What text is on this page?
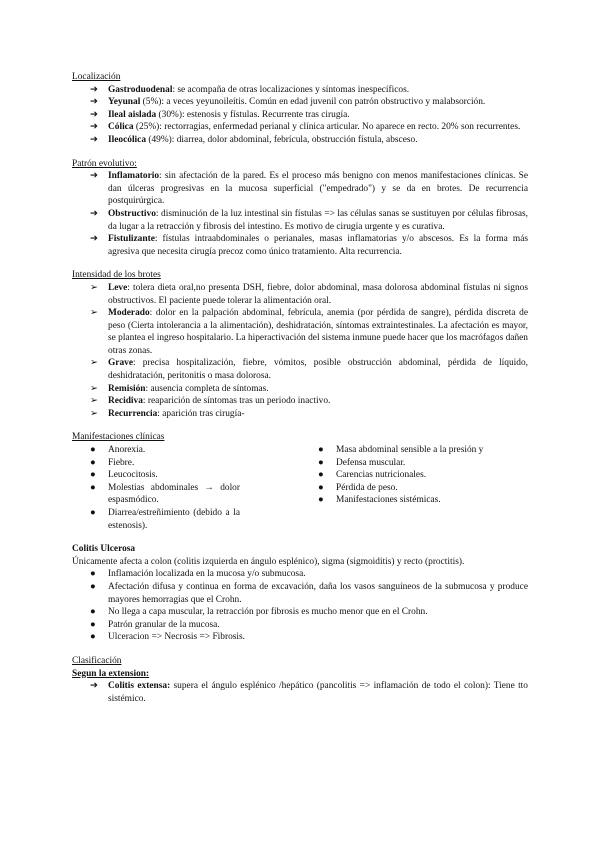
Localización
➔	Gastroduodenal: se acompaña de otras localizaciones y síntomas inespecíficos.
➔	Yeyunal (5%): a veces yeyunoileítis. Común en edad juvenil con patrón obstructivo y malabsorción.
➔	Ileal aislada (30%): estenosis y fístulas. Recurrente tras cirugía.
➔	Cólica (25%): rectorragias, enfermedad perianal y clínica articular. No aparece en recto. 20% son recurrentes.
➔	Ileocólica (49%): diarrea, dolor abdominal, febrícula, obstrucción fístula, absceso.
Patrón evolutivo:
➔	Inflamatorio: sin afectación de la pared. Es el proceso más benigno con menos manifestaciones clínicas. Se dan úlceras progresivas en la mucosa superficial ("empedrado") y se da en brotes. De recurrencia postquirúrgica.
➔	Obstructivo: disminución de la luz intestinal sin fístulas => las células sanas se sustituyen por células fibrosas, da lugar a la retracción y fibrosis del intestino. Es motivo de cirugía urgente y es curativa.
➔	Fistulizante: fístulas intraabdominales o perianales, masas inflamatorias y/o abscesos. Es la forma más agresiva que necesita cirugía precoz como único tratamiento. Alta recurrencia.
Intensidad de los brotes
➢	Leve: tolera dieta oral,no presenta DSH, fiebre, dolor abdominal, masa dolorosa abdominal fístulas ni signos obstructivos. El paciente puede tolerar la alimentación oral.
➢	Moderado: dolor en la palpación abdominal, febrícula, anemia (por pérdida de sangre), pérdida discreta de peso (Cierta intolerancia a la alimentación), deshidratación, síntomas extraintestinales. La afectación es mayor, se plantea el ingreso hospitalario. La hiperactivación del sistema inmune puede hacer que los macrófagos dañen otras zonas.
➢	Grave: precisa hospitalización, fiebre, vómitos, posible obstrucción abdominal, pérdida de líquido, deshidratación, peritonitis o masa dolorosa.
➢	Remisión: ausencia completa de síntomas.
➢	Recidiva: reaparición de síntomas tras un periodo inactivo.
➢	Recurrencia: aparición tras cirugía-
Manifestaciones clínicas
●	Anorexia.
●	Fiebre.
●	Leucocitosis.
●	Molestias abdominales → dolor espasmódico.
●	Diarrea/estreñimiento (debido a la estenosis).
●	Masa abdominal sensible a la presión y
●	Defensa muscular.
●	Carencias nutricionales.
●	Pérdida de peso.
●	Manifestaciones sistémicas.
Colitis Ulcerosa
Únicamente afecta a colon (colitis izquierda en ángulo esplénico), sigma (sigmoiditis) y recto (proctitis).
●	Inflamación localizada en la mucosa y/o submucosa.
●	Afectación difusa y continua en forma de excavación, daña los vasos sanguíneos de la submucosa y produce mayores hemorragias que el Crohn.
●	No llega a capa muscular, la retracción por fibrosis es mucho menor que en el Crohn.
●	Patrón granular de la mucosa.
●	Ulceracion => Necrosis => Fibrosis.
Clasificación
Segun la extension:
➔	Colitis extensa: supera el ángulo esplénico /hepático (pancolitis => inflamación de todo el colon): Tiene tto sistémico.
